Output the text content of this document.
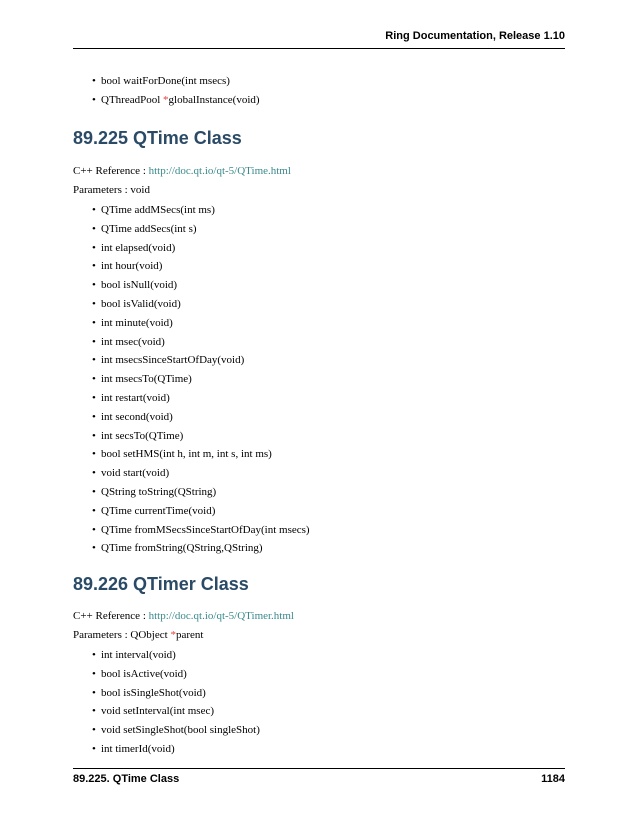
Ring Documentation, Release 1.10
• bool waitForDone(int msecs)
• QThreadPool *globalInstance(void)
89.225 QTime Class
C++ Reference : http://doc.qt.io/qt-5/QTime.html
Parameters : void
• QTime addMSecs(int ms)
• QTime addSecs(int s)
• int elapsed(void)
• int hour(void)
• bool isNull(void)
• bool isValid(void)
• int minute(void)
• int msec(void)
• int msecsSinceStartOfDay(void)
• int msecsTo(QTime)
• int restart(void)
• int second(void)
• int secsTo(QTime)
• bool setHMS(int h, int m, int s, int ms)
• void start(void)
• QString toString(QString)
• QTime currentTime(void)
• QTime fromMSecsSinceStartOfDay(int msecs)
• QTime fromString(QString,QString)
89.226 QTimer Class
C++ Reference : http://doc.qt.io/qt-5/QTimer.html
Parameters : QObject *parent
• int interval(void)
• bool isActive(void)
• bool isSingleShot(void)
• void setInterval(int msec)
• void setSingleShot(bool singleShot)
• int timerId(void)
89.225. QTime Class	1184
